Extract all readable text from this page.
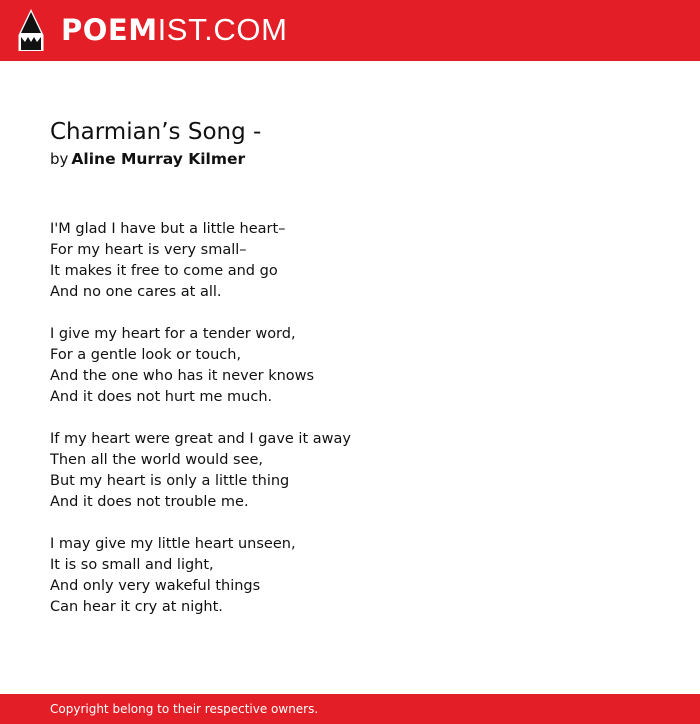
POEMIST.COM
Charmian’s Song -
by Aline Murray Kilmer
I'M glad I have but a little heart–
For my heart is very small–
It makes it free to come and go
And no one cares at all.
I give my heart for a tender word,
For a gentle look or touch,
And the one who has it never knows
And it does not hurt me much.
If my heart were great and I gave it away
Then all the world would see,
But my heart is only a little thing
And it does not trouble me.
I may give my little heart unseen,
It is so small and light,
And only very wakeful things
Can hear it cry at night.
Copyright belong to their respective owners.
